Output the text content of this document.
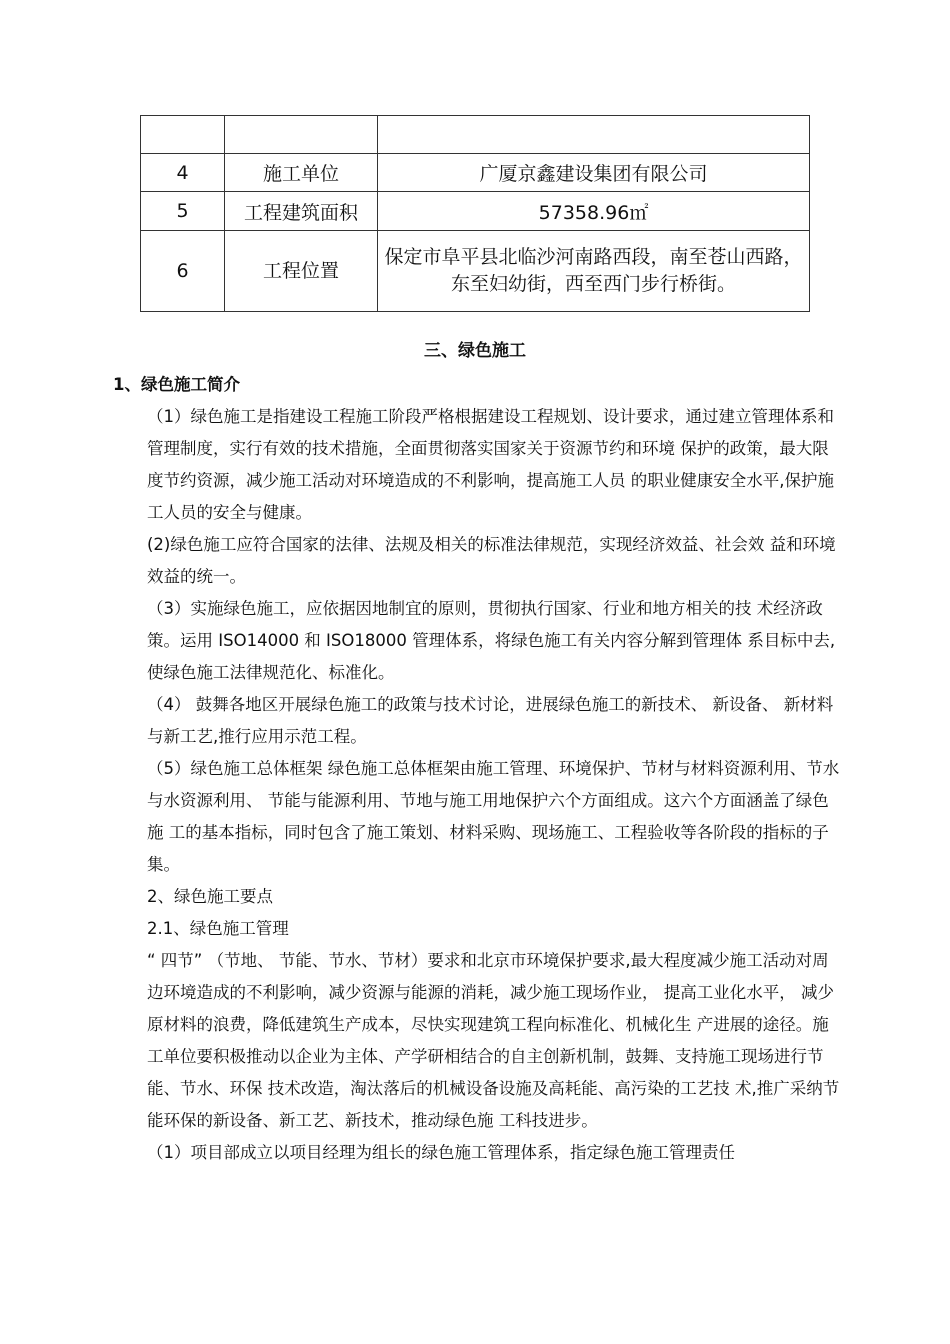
4	施工单位	广厦京鑫建设集团有限公司
5	工程建筑面积	57358.96㎡
6	工程位置	保定市阜平县北临沙河南路西段，南至苍山西路，东至妇幼街，西至西门步行桥街。
三、绿色施工

1、绿色施工简介

（1）绿色施工是指建设工程施工阶段严格根据建设工程规划、设计要求，通过建立管理体系和管理制度，实行有效的技术措施，全面贯彻落实国家关于资源节约和环境 保护的政策，最大限度节约资源，减少施工活动对环境造成的不利影响，提高施工人员 的职业健康安全水平,保护施工人员的安全与健康。

(2)绿色施工应符合国家的法律、法规及相关的标准法律规范，实现经济效益、社会效 益和环境效益的统一。

（3）实施绿色施工，应依据因地制宜的原则，贯彻执行国家、行业和地方相关的技 术经济政策。运用 ISO14000 和 ISO18000 管理体系，将绿色施工有关内容分解到管理体 系目标中去,使绿色施工法律规范化、标准化。

（4） 鼓舞各地区开展绿色施工的政策与技术讨论，进展绿色施工的新技术、 新设备、 新材料与新工艺,推行应用示范工程。

（5）绿色施工总体框架 绿色施工总体框架由施工管理、环境保护、节材与材料资源利用、节水与水资源利用、 节能与能源利用、节地与施工用地保护六个方面组成。这六个方面涵盖了绿色施 工的基本指标，同时包含了施工策划、材料采购、现场施工、工程验收等各阶段的指标的子集。

2、绿色施工要点

2.1、绿色施工管理

“ 四节” （节地、 节能、节水、节材）要求和北京市环境保护要求,最大程度减少施工活动对周边环境造成的不利影响，减少资源与能源的消耗，减少施工现场作业， 提高工业化水平， 减少原材料的浪费，降低建筑生产成本，尽快实现建筑工程向标准化、机械化生 产进展的途径。施工单位要积极推动以企业为主体、产学研相结合的自主创新机制，鼓舞、支持施工现场进行节能、节水、环保 技术改造，淘汰落后的机械设备设施及高耗能、高污染的工艺技 术,推广采纳节能环保的新设备、新工艺、新技术，推动绿色施 工科技进步。

（1）项目部成立以项目经理为组长的绿色施工管理体系，指定绿色施工管理责任
